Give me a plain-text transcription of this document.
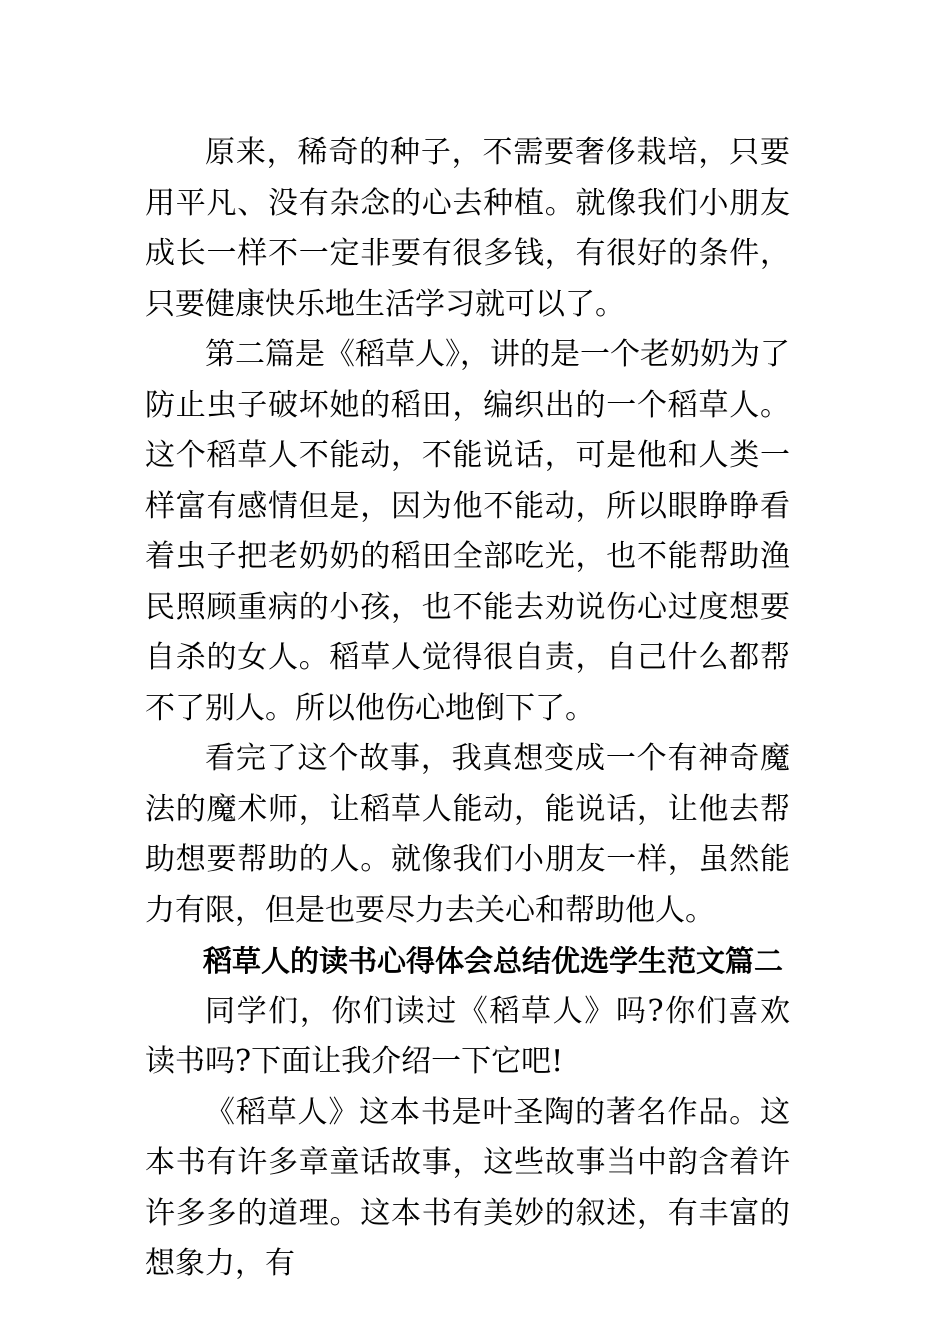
原来，稀奇的种子，不需要奢侈栽培，只要用平凡、没有杂念的心去种植。就像我们小朋友成长一样不一定非要有很多钱，有很好的条件，只要健康快乐地生活学习就可以了。

第二篇是《稻草人》，讲的是一个老奶奶为了防止虫子破坏她的稻田，编织出的一个稻草人。这个稻草人不能动，不能说话，可是他和人类一样富有感情但是，因为他不能动，所以眼睁睁看着虫子把老奶奶的稻田全部吃光，也不能帮助渔民照顾重病的小孩，也不能去劝说伤心过度想要自杀的女人。稻草人觉得很自责，自己什么都帮不了别人。所以他伤心地倒下了。

看完了这个故事，我真想变成一个有神奇魔法的魔术师，让稻草人能动，能说话，让他去帮助想要帮助的人。就像我们小朋友一样，虽然能力有限，但是也要尽力去关心和帮助他人。

稻草人的读书心得体会总结优选学生范文篇二

同学们，你们读过《稻草人》吗?你们喜欢读书吗?下面让我介绍一下它吧!

《稻草人》这本书是叶圣陶的著名作品。这本书有许多章童话故事，这些故事当中韵含着许许多多的道理。这本书有美妙的叙述，有丰富的想象力，有
